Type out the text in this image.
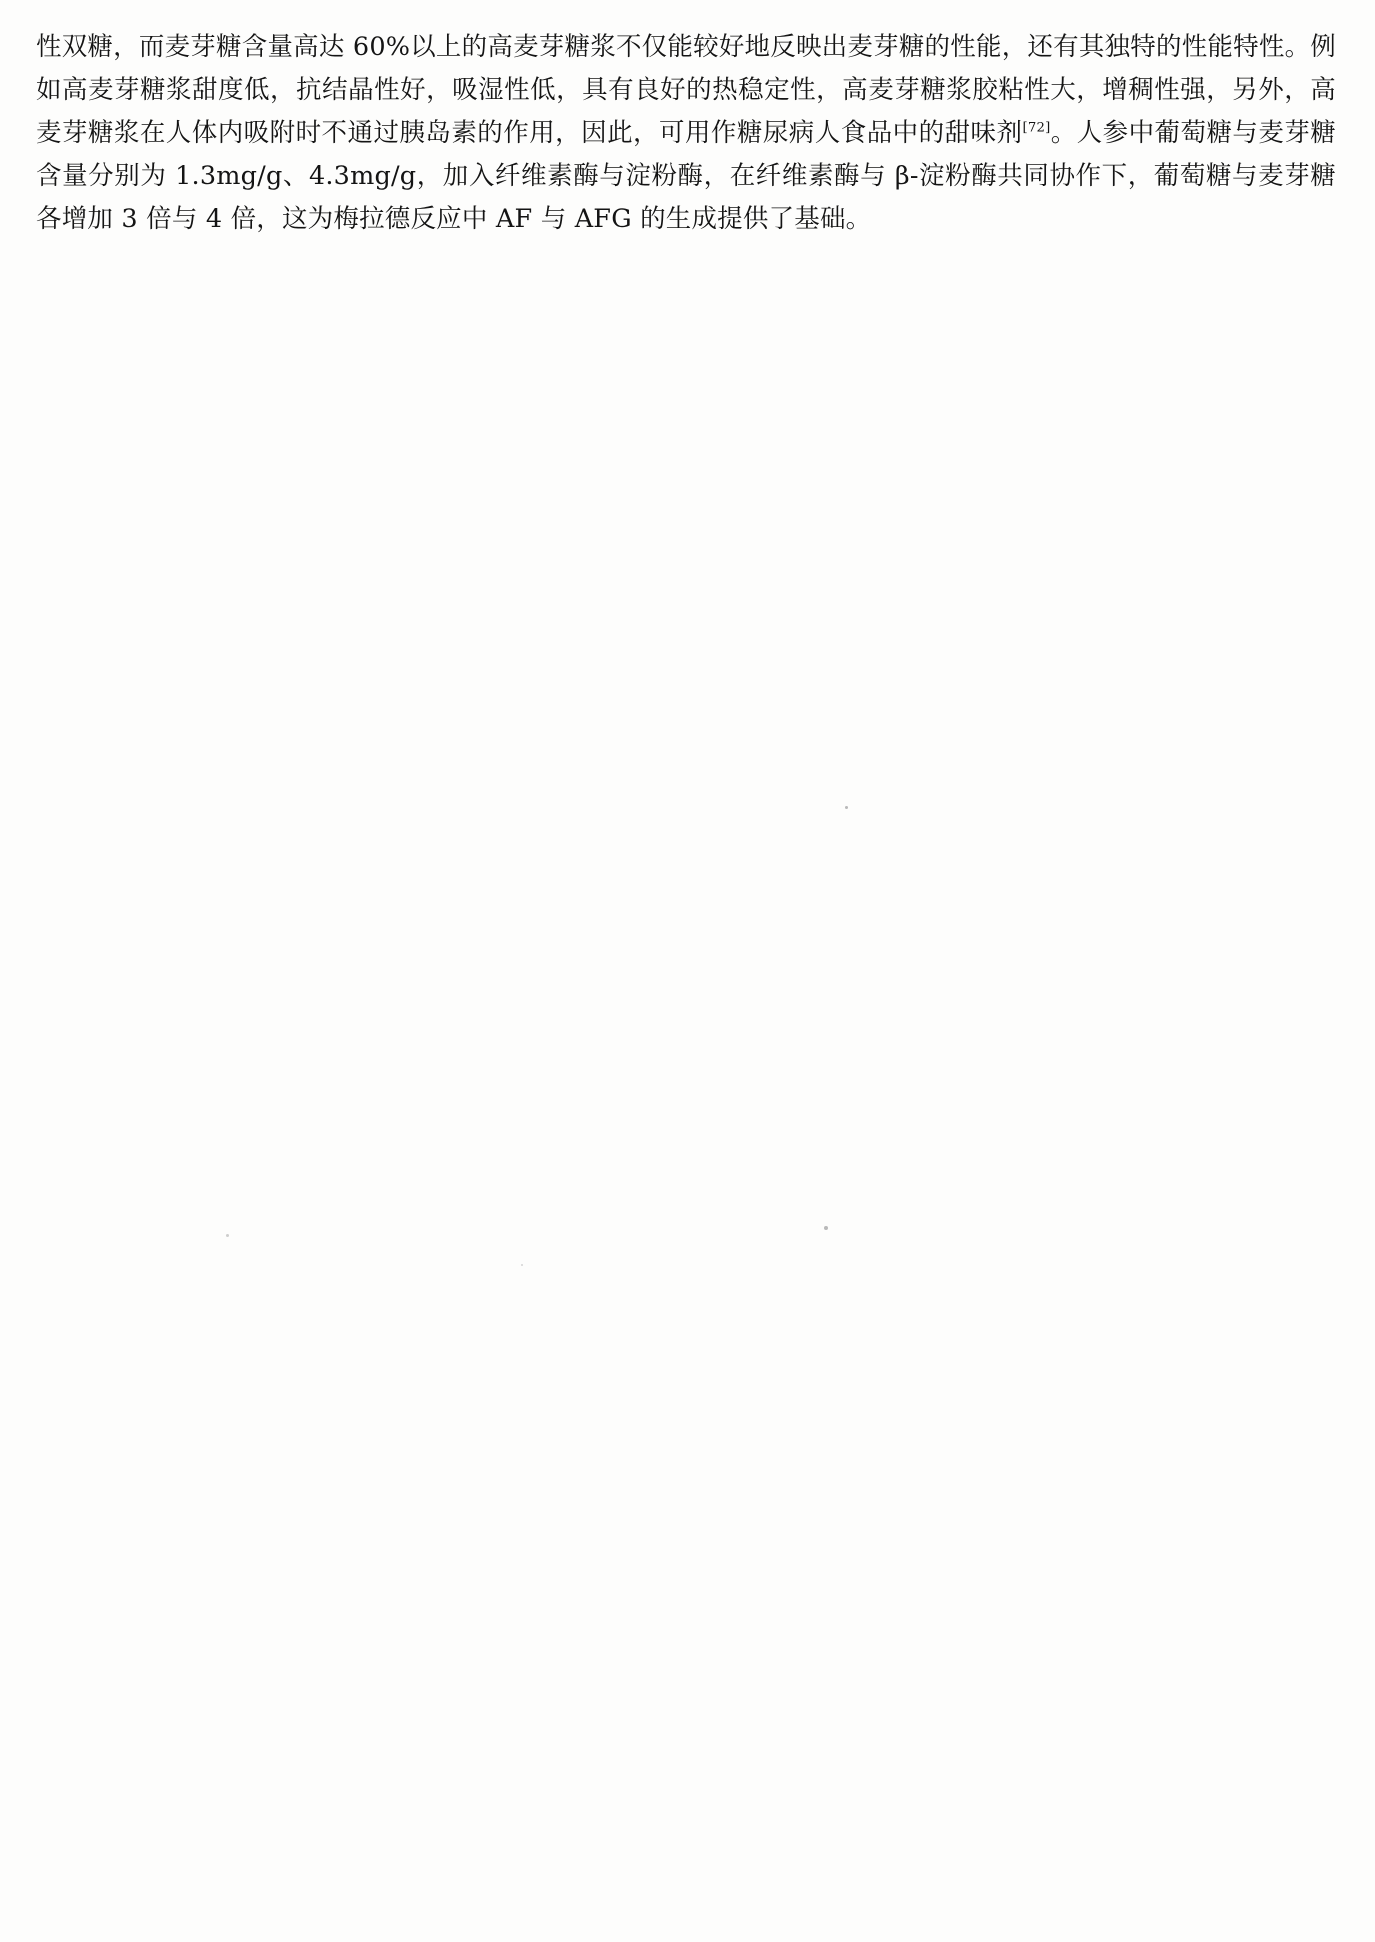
性双糖，而麦芽糖含量高达 60%以上的高麦芽糖浆不仅能较好地反映出麦芽糖的性能，还有其独特的性能特性。例如高麦芽糖浆甜度低，抗结晶性好，吸湿性低，具有良好的热稳定性，高麦芽糖浆胶粘性大，增稠性强，另外，高麦芽糖浆在人体内吸附时不通过胰岛素的作用，因此，可用作糖尿病人食品中的甜味剂[72]。人参中葡萄糖与麦芽糖含量分别为 1.3mg/g、4.3mg/g，加入纤维素酶与淀粉酶，在纤维素酶与 β-淀粉酶共同协作下，葡萄糖与麦芽糖各增加 3 倍与 4 倍，这为梅拉德反应中 AF 与 AFG 的生成提供了基础。
